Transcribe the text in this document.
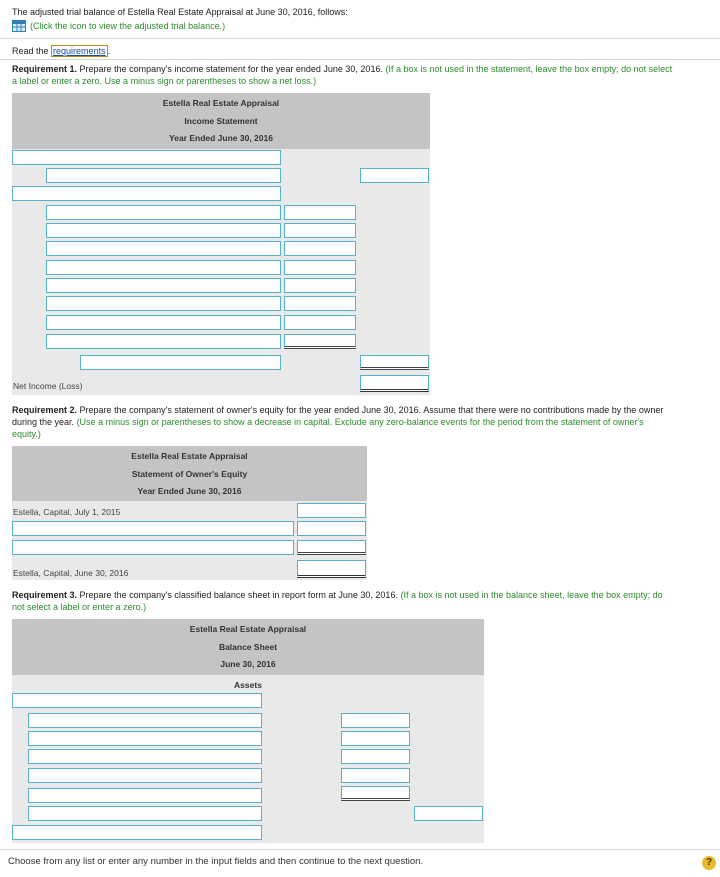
The adjusted trial balance of Estella Real Estate Appraisal at June 30, 2016, follows:
(Click the icon to view the adjusted trial balance.)
Read the requirements .
Requirement 1. Prepare the company's income statement for the year ended June 30, 2016. (If a box is not used in the statement, leave the box empty; do not select
a label or enter a zero. Use a minus sign or parentheses to show a net loss.)
Estella Real Estate Appraisal
Income Statement
Year Ended June 30, 2016
Net Income (Loss)
Requirement 2. Prepare the company's statement of owner's equity for the year ended June 30, 2016. Assume that there were no contributions made by the owner
during the year. (Use a minus sign or parentheses to show a decrease in capital. Exclude any zero-balance events for the period from the statement of owner's
equity.)
Estella Real Estate Appraisal
Statement of Owner's Equity
Year Ended June 30, 2016
Estella, Capital, July 1, 2015
Estella, Capital, June 30, 2016
Requirement 3. Prepare the company's classified balance sheet in report form at June 30, 2016. (If a box is not used in the balance sheet, leave the box empty; do
not select a label or enter a zero.)
Estella Real Estate Appraisal
Balance Sheet
June 30, 2016
Assets
Choose from any list or enter any number in the input fields and then continue to the next question.	?
